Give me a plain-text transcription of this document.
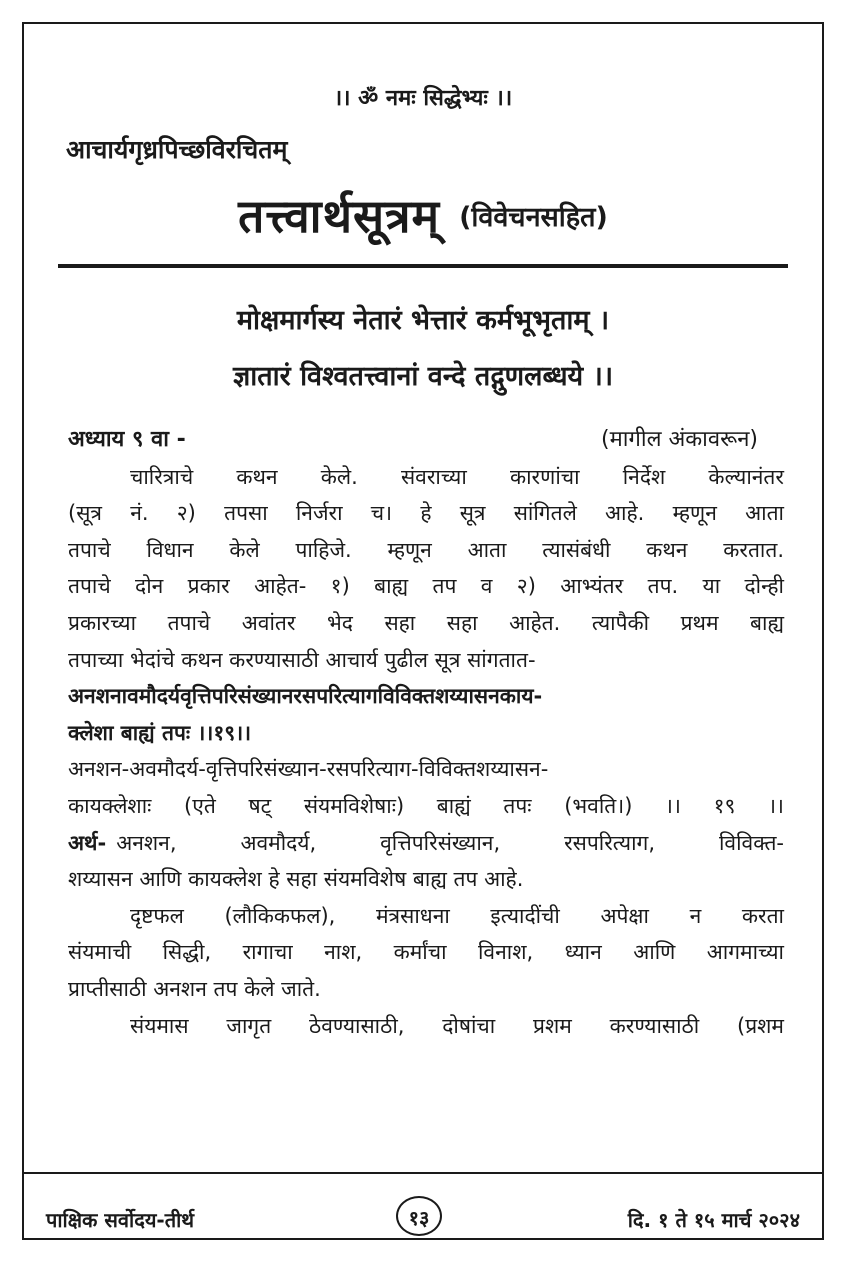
।। ॐ नमः सिद्धेभ्यः ।।
आचार्यगृध्रपिच्छविरचितम्
तत्त्वार्थसूत्रम् (विवेचनसहित)
मोक्षमार्गस्य नेतारं भेत्तारं कर्मभूभृताम् ।
ज्ञातारं विश्वतत्त्वानां वन्दे तद्गुणलब्धये ।।
अध्याय ९ वा -	(मागील अंकावरून)
चारित्राचे कथन केले. संवराच्या कारणांचा निर्देश केल्यानंतर
(सूत्र नं. २) तपसा निर्जरा च। हे सूत्र सांगितले आहे. म्हणून आता
तपाचे विधान केले पाहिजे. म्हणून आता त्यासंबंधी कथन करतात.
तपाचे दोन प्रकार आहेत- १) बाह्य तप व २) आभ्यंतर तप. या दोन्ही
प्रकारच्या तपाचे अवांतर भेद सहा सहा आहेत. त्यापैकी प्रथम बाह्य
तपाच्या भेदांचे कथन करण्यासाठी आचार्य पुढील सूत्र सांगतात-
अनशनावमौदर्यवृत्तिपरिसंख्यानरसपरित्यागविविक्तशय्यासनकाय-
क्लेशा बाह्यं तपः ।।१९।।
अनशन-अवमौदर्य-वृत्तिपरिसंख्यान-रसपरित्याग-विविक्तशय्यासन-
कायक्लेशाः (एते षट् संयमविशेषाः) बाह्यं तपः (भवति।) ।। १९ ।।
अर्थ- अनशन, अवमौदर्य, वृत्तिपरिसंख्यान, रसपरित्याग, विविक्त-
शय्यासन आणि कायक्लेश हे सहा संयमविशेष बाह्य तप आहे.
दृष्टफल (लौकिकफल), मंत्रसाधना इत्यादींची अपेक्षा न करता
संयमाची सिद्धी, रागाचा नाश, कर्मांचा विनाश, ध्यान आणि आगमाच्या
प्राप्तीसाठी अनशन तप केले जाते.
संयमास जागृत ठेवण्यासाठी, दोषांचा प्रशम करण्यासाठी (प्रशम
पाक्षिक सर्वोदय-तीर्थ	१३	दि. १ ते १५ मार्च २०२४
